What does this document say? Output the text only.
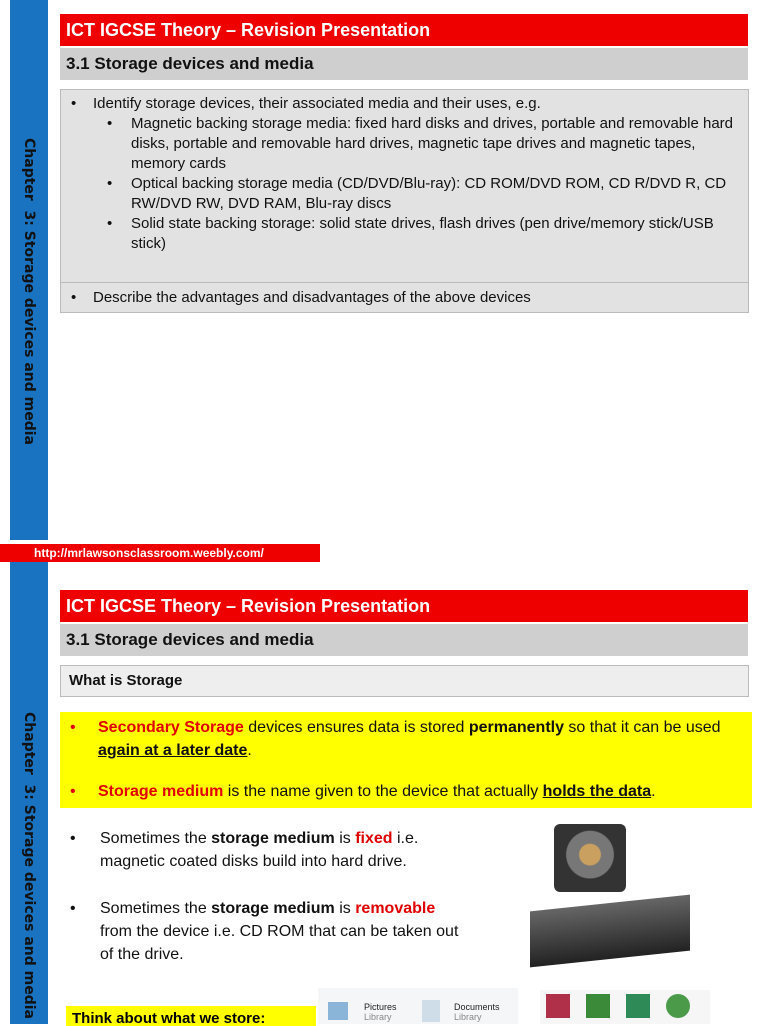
Chapter  3: Storage devices and media
ICT IGCSE Theory – Revision Presentation
3.1 Storage devices and media
• Identify storage devices, their associated media and their uses, e.g.
• Magnetic backing storage media: fixed hard disks and drives, portable and removable hard disks, portable and removable hard drives, magnetic tape drives and magnetic tapes, memory cards
• Optical backing storage media (CD/DVD/Blu-ray): CD ROM/DVD ROM, CD R/DVD R, CD RW/DVD RW, DVD RAM, Blu-ray discs
• Solid state backing storage: solid state drives, flash drives (pen drive/memory stick/USB stick)
• Describe the advantages and disadvantages of the above devices
http://mrlawsonsclassroom.weebly.com/
Chapter  3: Storage devices and media
ICT IGCSE Theory – Revision Presentation
3.1 Storage devices and media
What is Storage
• Secondary Storage devices ensures data is stored permanently so that it can be used again at a later date.
• Storage medium is the name given to the device that actually holds the data.
• Sometimes the storage medium is fixed i.e. magnetic coated disks build into hard drive.
• Sometimes the storage medium is removable from the device i.e. CD ROM that can be taken out of the drive.
Think about what we store:
Pictures
Library
Documents
Library
